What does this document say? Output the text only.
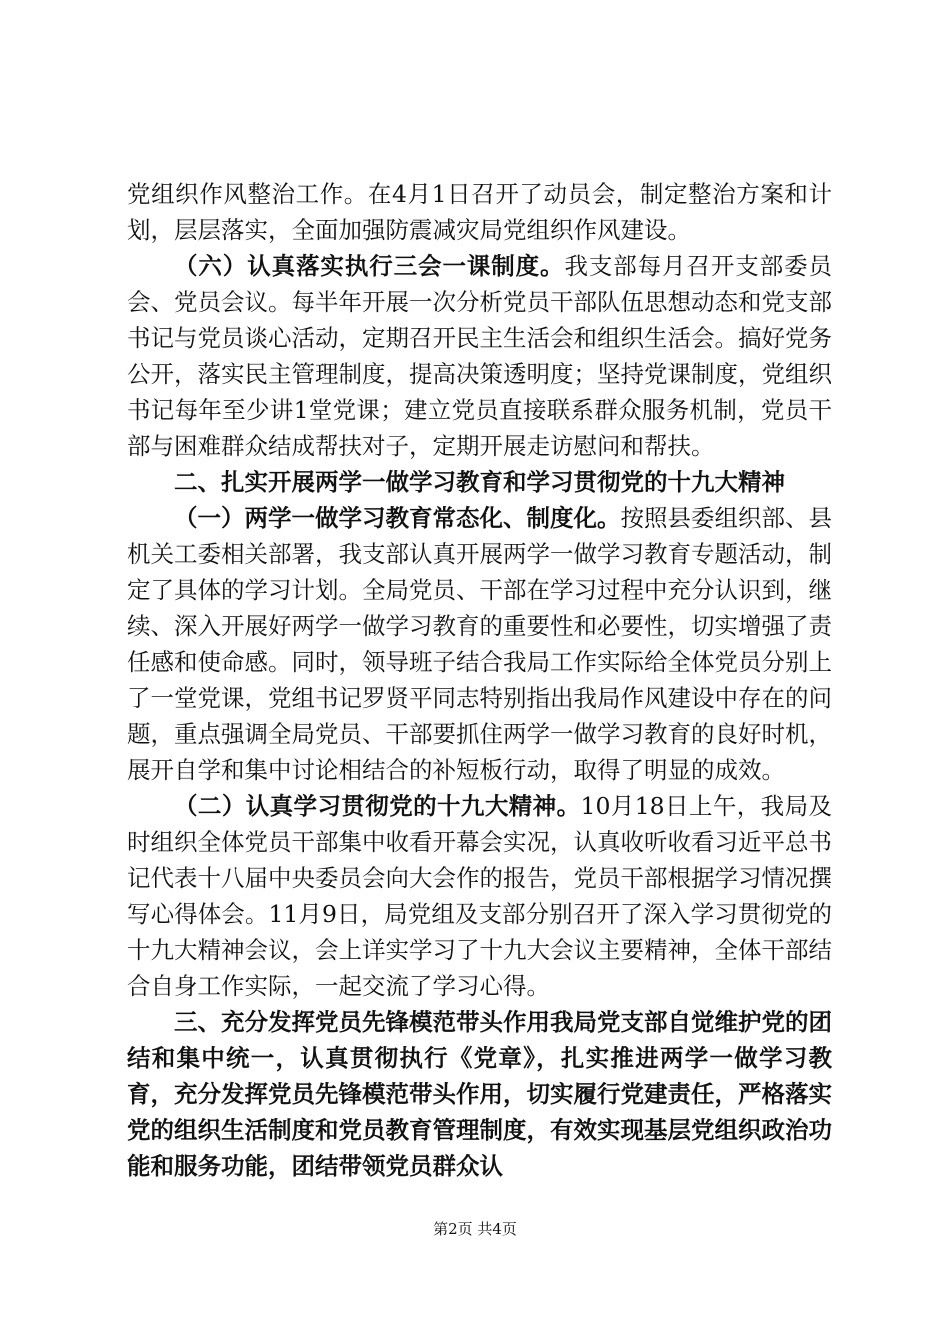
党组织作风整治工作。在4月1日召开了动员会，制定整治方案和计划，层层落实，全面加强防震减灾局党组织作风建设。

（六）认真落实执行三会一课制度。我支部每月召开支部委员会、党员会议。每半年开展一次分析党员干部队伍思想动态和党支部书记与党员谈心活动，定期召开民主生活会和组织生活会。搞好党务公开，落实民主管理制度，提高决策透明度；坚持党课制度，党组织书记每年至少讲1堂党课；建立党员直接联系群众服务机制，党员干部与困难群众结成帮扶对子，定期开展走访慰问和帮扶。

二、扎实开展两学一做学习教育和学习贯彻党的十九大精神

（一）两学一做学习教育常态化、制度化。按照县委组织部、县机关工委相关部署，我支部认真开展两学一做学习教育专题活动，制定了具体的学习计划。全局党员、干部在学习过程中充分认识到，继续、深入开展好两学一做学习教育的重要性和必要性，切实增强了责任感和使命感。同时，领导班子结合我局工作实际给全体党员分别上了一堂党课，党组书记罗贤平同志特别指出我局作风建设中存在的问题，重点强调全局党员、干部要抓住两学一做学习教育的良好时机，展开自学和集中讨论相结合的补短板行动，取得了明显的成效。

（二）认真学习贯彻党的十九大精神。10月18日上午，我局及时组织全体党员干部集中收看开幕会实况，认真收听收看习近平总书记代表十八届中央委员会向大会作的报告，党员干部根据学习情况撰写心得体会。11月9日，局党组及支部分别召开了深入学习贯彻党的十九大精神会议，会上详实学习了十九大会议主要精神，全体干部结合自身工作实际，一起交流了学习心得。

三、充分发挥党员先锋模范带头作用我局党支部自觉维护党的团结和集中统一，认真贯彻执行《党章》，扎实推进两学一做学习教育，充分发挥党员先锋模范带头作用，切实履行党建责任，严格落实党的组织生活制度和党员教育管理制度，有效实现基层党组织政治功能和服务功能，团结带领党员群众认

第2页 共4页
